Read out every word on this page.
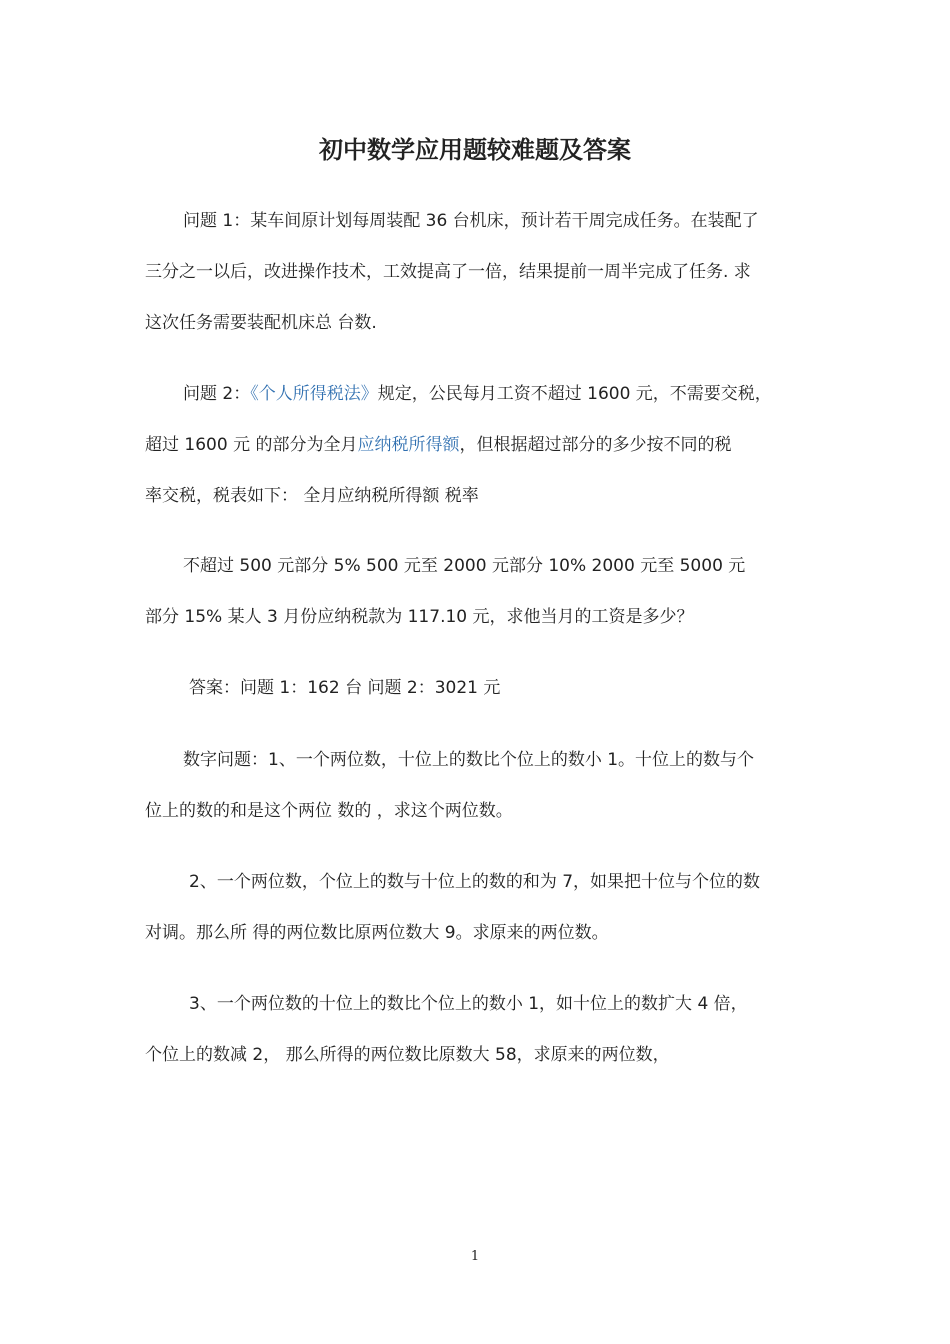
初中数学应用题较难题及答案
问题 1：某车间原计划每周装配 36 台机床，预计若干周完成任务。在装配了
三分之一以后，改进操作技术，工效提高了一倍，结果提前一周半完成了任务. 求
这次任务需要装配机床总 台数.
问题 2：《个人所得税法》规定，公民每月工资不超过 1600 元，不需要交税，
超过 1600 元 的部分为全月应纳税所得额，但根据超过部分的多少按不同的税
率交税，税表如下： 全月应纳税所得额 税率
不超过 500 元部分 5% 500 元至 2000 元部分 10% 2000 元至 5000 元
部分 15% 某人 3 月份应纳税款为 117.10 元，求他当月的工资是多少？
答案：问题 1：162 台 问题 2：3021 元
数字问题：1、一个两位数，十位上的数比个位上的数小 1。十位上的数与个
位上的数的和是这个两位 数的 ，求这个两位数。
2、一个两位数，个位上的数与十位上的数的和为 7，如果把十位与个位的数
对调。那么所 得的两位数比原两位数大 9。求原来的两位数。
3、一个两位数的十位上的数比个位上的数小 1，如十位上的数扩大 4 倍，
个位上的数减 2， 那么所得的两位数比原数大 58，求原来的两位数，
1
